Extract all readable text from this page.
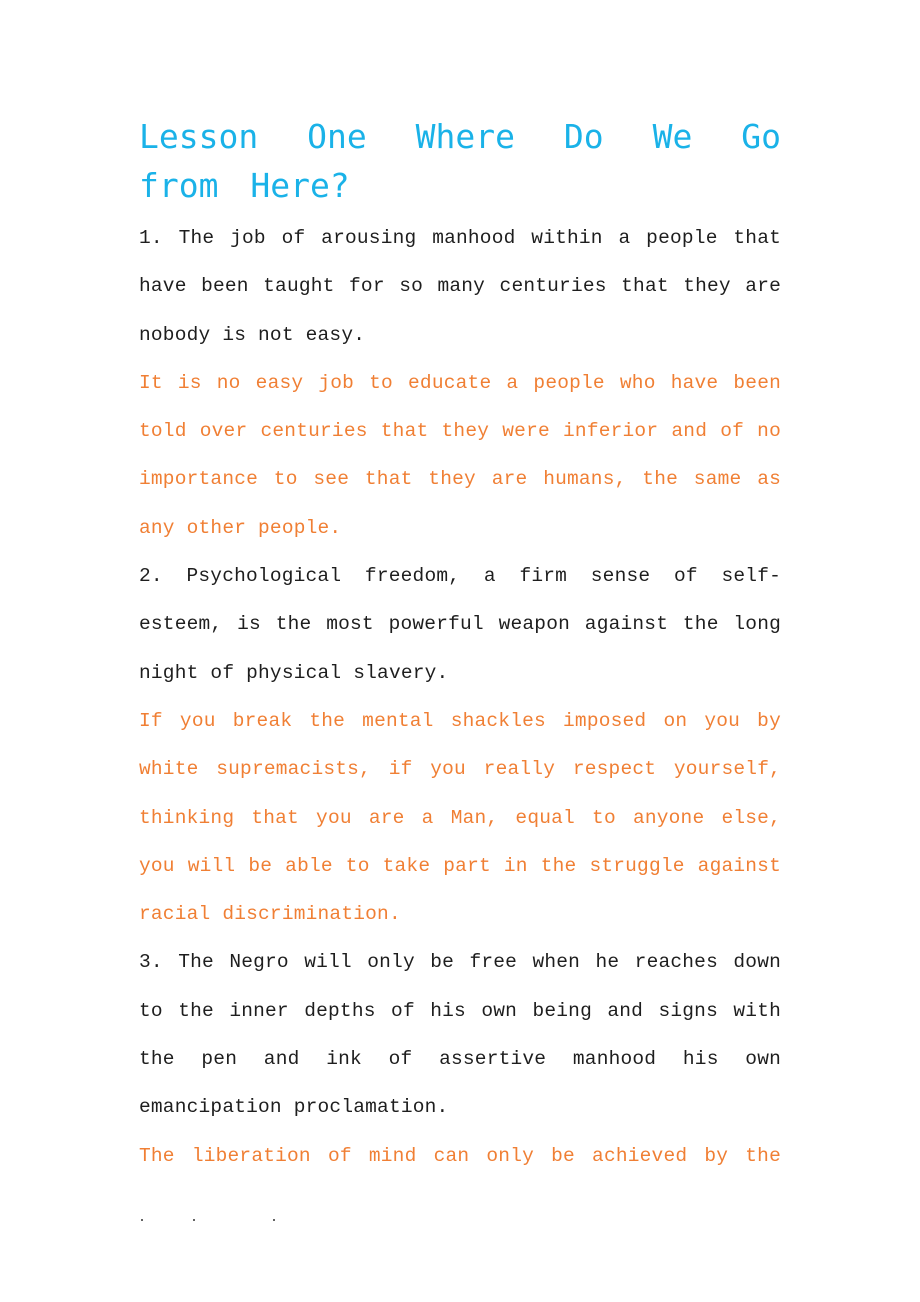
Lesson One Where Do We Go from Here?

1. The job of arousing manhood within a people that have been taught for so many centuries that they are nobody is not easy.

It is no easy job to educate a people who have been told over centuries that they were inferior and of no importance to see that they are humans, the same as any other people.

2. Psychological freedom, a firm sense of self-esteem, is the most powerful weapon against the long night of physical slavery.

If you break the mental shackles imposed on you by white supremacists, if you really respect yourself, thinking that you are a Man, equal to anyone else, you will be able to take part in the struggle against racial discrimination.

3. The Negro will only be free when he reaches down to the inner depths of his own being and signs with the pen and ink of assertive manhood his own emancipation proclamation.

The liberation of mind can only be achieved by the
